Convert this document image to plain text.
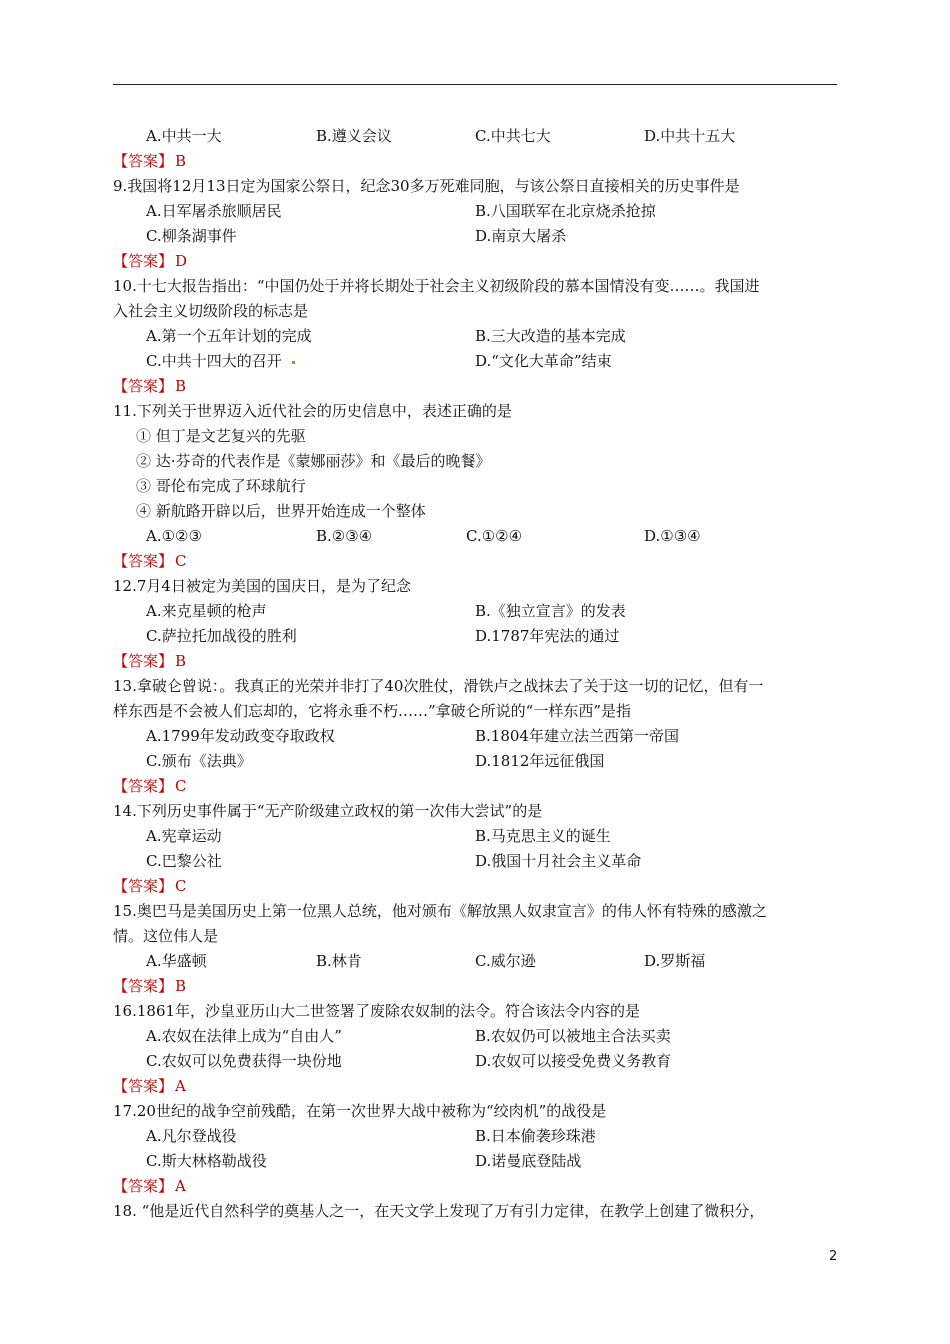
A.中共一大	B.遵义会议	C.中共七大	D.中共十五大
【答案】 B
9.我国将12月13日定为国家公祭日，纪念30多万死难同胞，与该公祭日直接相关的历史事件是
A.日军屠杀旅顺居民	B.八国联军在北京烧杀抢掠
C.柳条湖事件	D.南京大屠杀
【答案】 D
10.十七大报告指出：“中国仍处于并将长期处于社会主义初级阶段的慕本国情没有变……。我国进
入社会主义切级阶段的标志是
A.第一个五年计划的完成	B.三大改造的基本完成
C.中共十四大的召开	D.“文化大革命”结束
【答案】 B
11.下列关于世界迈入近代社会的历史信息中，表述正确的是
① 但丁是文艺复兴的先驱
② 达·芬奇的代表作是《蒙娜丽莎》和《最后的晚餐》
③ 哥伦布完成了环球航行
④ 新航路开辟以后，世界开始连成一个整体
A.①②③	B.②③④	C.①②④	D.①③④
【答案】 C
12.7月4日被定为美国的国庆日，是为了纪念
A.来克星顿的枪声	B.《独立宣言》的发表
C.萨拉托加战役的胜利	D.1787年宪法的通过
【答案】 B
13.拿破仑曾说：。我真正的光荣并非打了40次胜仗，滑铁卢之战抹去了关于这一切的记忆，但有一
样东西是不会被人们忘却的，它将永垂不朽……”拿破仑所说的“一样东西”是指
A.1799年发动政变夺取政权	B.1804年建立法兰西第一帝国
C.颁布《法典》	D.1812年远征俄国
【答案】 C
14.下列历史事件属于“无产阶级建立政权的第一次伟大尝试”的是
A.宪章运动	B.马克思主义的诞生
C.巴黎公社	D.俄国十月社会主义革命
【答案】 C
15.奥巴马是美国历史上第一位黑人总统，他对颁布《解放黑人奴隶宣言》的伟人怀有特殊的感激之
情。这位伟人是
A.华盛顿	B.林肯	C.威尔逊	D.罗斯福
【答案】 B
16.1861年，沙皇亚历山大二世签署了废除农奴制的法令。符合该法令内容的是
A.农奴在法律上成为“自由人”	B.农奴仍可以被地主合法买卖
C.农奴可以免费获得一块份地	D.农奴可以接受免费义务教育
【答案】 A
17.20世纪的战争空前残酷，在第一次世界大战中被称为“绞肉机”的战役是
A.凡尔登战役	B.日本偷袭珍珠港
C.斯大林格勒战役	D.诺曼底登陆战
【答案】 A
18. “他是近代自然科学的奠基人之一，在天文学上发现了万有引力定律，在教学上创建了微积分，
2
